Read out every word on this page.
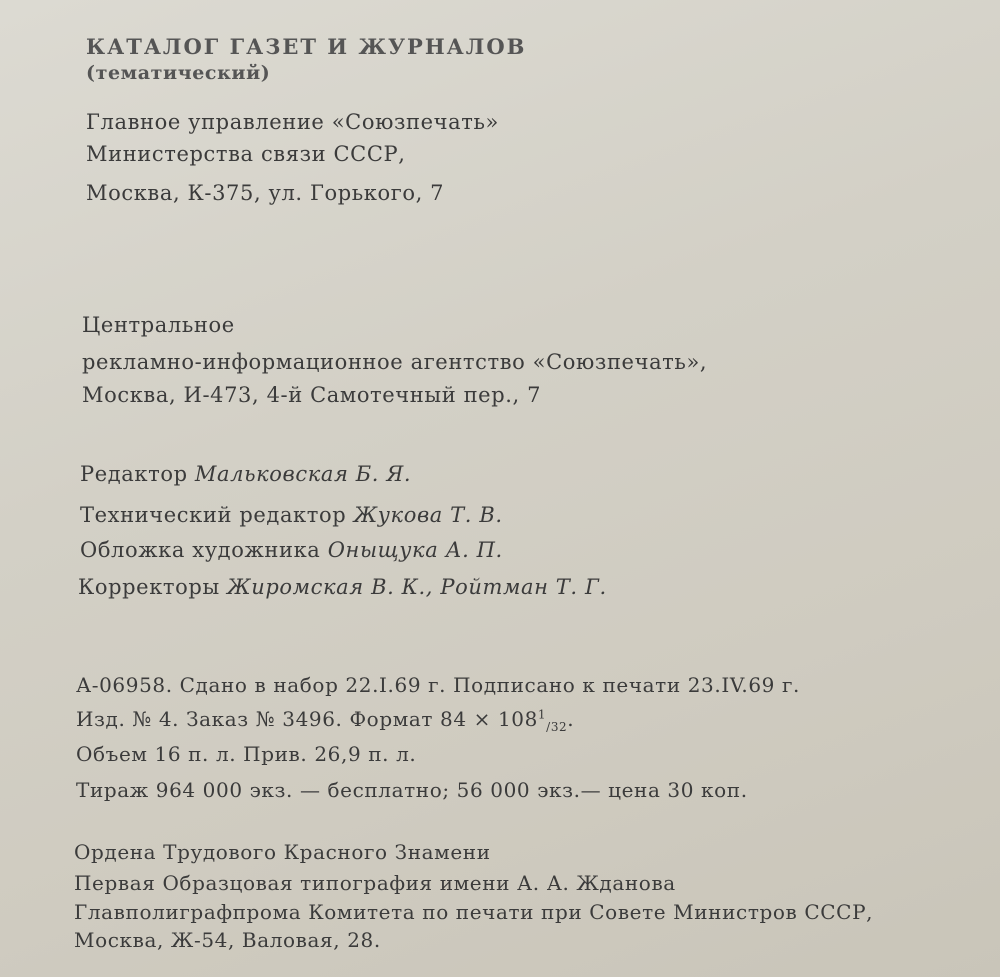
КАТАЛОГ ГАЗЕТ И ЖУРНАЛОВ
(тематический)
Главное управление «Союзпечать»
Министерства связи СССР,
Москва, К-375, ул. Горького, 7
Центральное
рекламно-информационное агентство «Союзпечать»,
Москва, И-473, 4-й Самотечный пер., 7
Редактор Мальковская Б. Я.
Технический редактор Жукова Т. В.
Обложка художника Оныщука А. П.
Корректоры Жиромская В. К., Ройтман Т. Г.
А-06958. Сдано в набор 22.I.69 г. Подписано к печати 23.IV.69 г.
Изд. № 4. Заказ № 3496. Формат $84 \times 108^1_{/32}$.
Объем 16 п. л. Прив. 26,9 п. л.
Тираж 964 000 экз. — бесплатно; 56 000 экз.— цена 30 коп.
Ордена Трудового Красного Знамени
Первая Образцовая типография имени А. А. Жданова
Главполиграфпрома Комитета по печати при Совете Министров СССР,
Москва, Ж-54, Валовая, 28.
